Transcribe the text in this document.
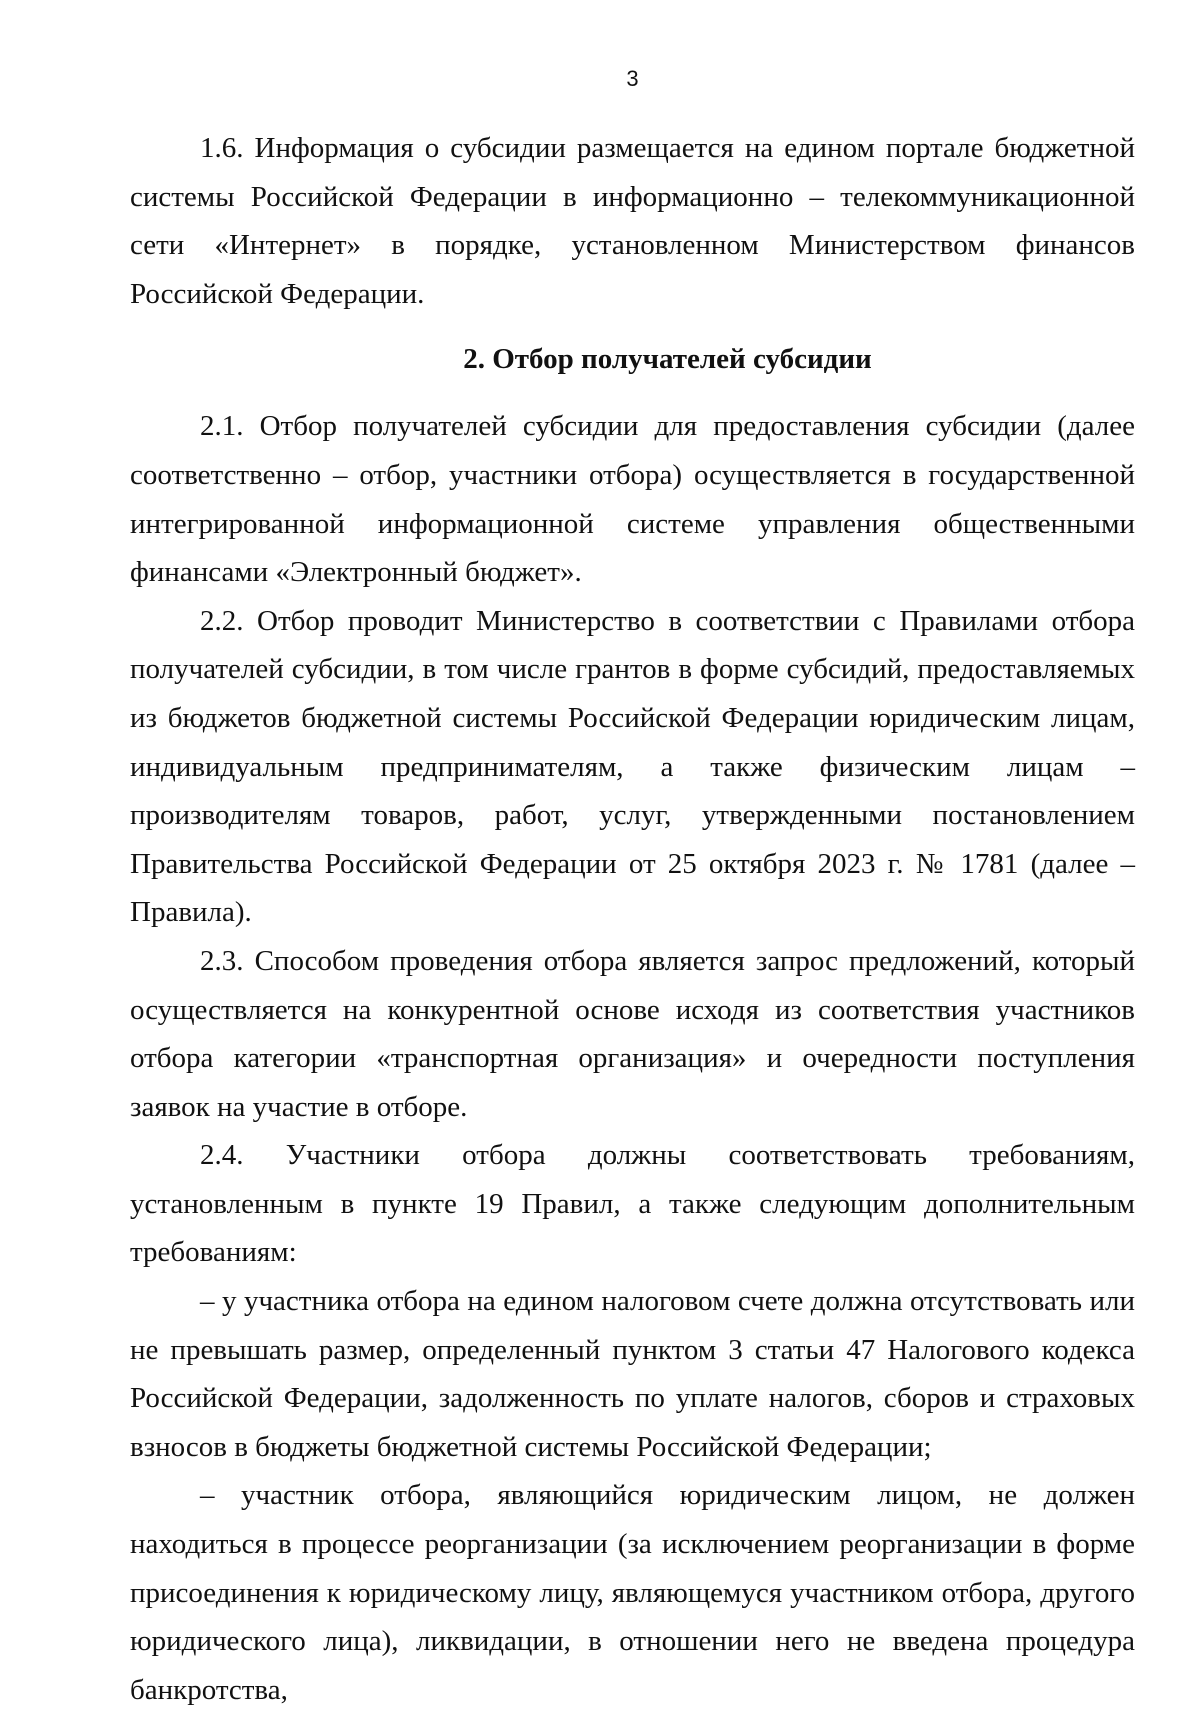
3

1.6. Информация о субсидии размещается на едином портале бюджетной системы Российской Федерации в информационно – телекоммуникационной сети «Интернет» в порядке, установленном Министерством финансов Российской Федерации.

2. Отбор получателей субсидии

2.1. Отбор получателей субсидии для предоставления субсидии (далее соответственно – отбор, участники отбора) осуществляется в государственной интегрированной информационной системе управления общественными финансами «Электронный бюджет».

2.2. Отбор проводит Министерство в соответствии с Правилами отбора получателей субсидии, в том числе грантов в форме субсидий, предоставляемых из бюджетов бюджетной системы Российской Федерации юридическим лицам, индивидуальным предпринимателям, а также физическим лицам – производителям товаров, работ, услуг, утвержденными постановлением Правительства Российской Федерации от 25 октября 2023 г. № 1781 (далее – Правила).

2.3. Способом проведения отбора является запрос предложений, который осуществляется на конкурентной основе исходя из соответствия участников отбора категории «транспортная организация» и очередности поступления заявок на участие в отборе.

2.4. Участники отбора должны соответствовать требованиям, установленным в пункте 19 Правил, а также следующим дополнительным требованиям:

– у участника отбора на едином налоговом счете должна отсутствовать или не превышать размер, определенный пунктом 3 статьи 47 Налогового кодекса Российской Федерации, задолженность по уплате налогов, сборов и страховых взносов в бюджеты бюджетной системы Российской Федерации;

– участник отбора, являющийся юридическим лицом, не должен находиться в процессе реорганизации (за исключением реорганизации в форме присоединения к юридическому лицу, являющемуся участником отбора, другого юридического лица), ликвидации, в отношении него не введена процедура банкротства,
